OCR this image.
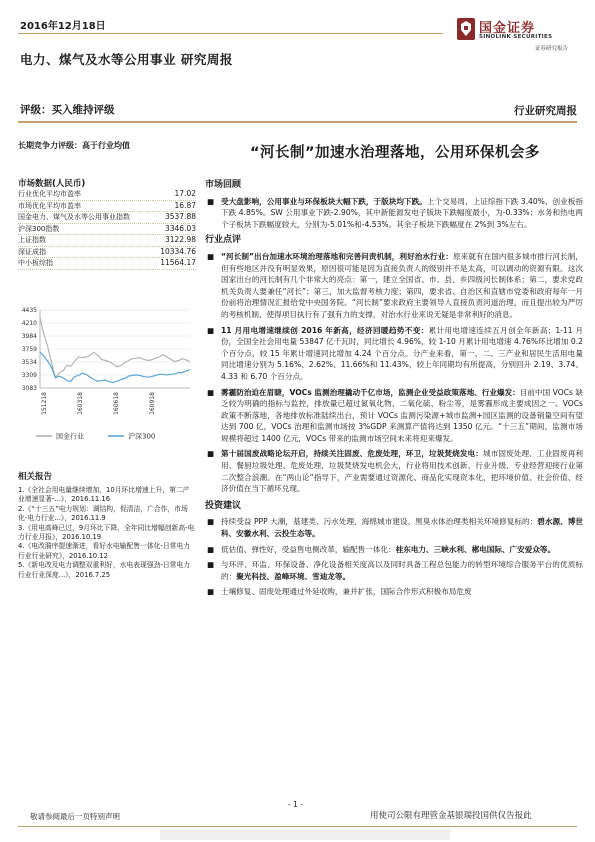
2016年12月18日	国金证券
SINOLINK SECURITIES
证券研究报告
电力、煤气及水等公用事业 研究周报
评级：买入维持评级	行业研究周报
长期竞争力评级：高于行业均值
市场数据(人民币)
行业优化平均市盈率	17.02
市场优化平均市盈率	16.87
国金电力、煤气及水等公用事业指数	3537.88
沪深300指数	3346.03
上证指数	3122.98
深证成指	10334.76
中小板综指	11564.17
4435
4210
3984
3759
3534
3309
3083
151218	160318	160618	160918
国金行业	沪深300
相关报告
1.《全社会用电量继续增加，10月环比增速上升，第二产业增速显著-...》，2016.11.16
2.《“十三五”电力规划：调结构，促清洁，广合作，市场化-电力行业...》，2016.11.9
3.《用电高峰已过，9月环比下降，全年同比增幅创新高-电力行业月报》，2016.10.19
4.《电改漪序提速渐进，看好水电输配售一体化-日常电力行业行业研究》，2016.10.12
5.《新电改及电力调整双重利好，水电表现强劲-日常电力行业行业深度...》，2016.7.25
“河长制”加速水治理落地，公用环保机会多
市场回顾
■ 受大盘影响，公用事业与环保板块大幅下跌，于版块均下跌。上个交易周，上证综指下跌 3.40%、创业板指下跌 4.85%。SW 公用事业下跌-2.90%，其中新能源发电子版块下跌幅度最小，为-0.33%；水务和热电两个子板块下跌幅度较大，分别为-5.01%和-4.53%。其余子板块下跌幅度在 2%到 3%左右。
行业点评
■ “河长制”出台加速水环境治理落地和完善问责机制，利好治水行业：原来就有在国内很多城市推行河长制，但有些地区并没有明显效果，原因很可能是因为直接负责人的级别并不是太高，可以调动的资源有限。这次国家出台的河长制有几个非常大的亮点：第一，建立全国省、市、县、乡四级河长制体系；第二，要求党政机关负责人要兼任“河长”；第三，加大监督考核力度；第四，要求省、自治区和直辖市党委和政府每年一月份前将治理情况汇报给党中央国务院。“河长制”要求政府主要领导人直接负责河道治理，而且提出较为严厉的考核机制，使得项目执行有了强有力的支撑，对治水行业来说无疑是非常利好的消息。
■ 11 月用电增速继续创 2016 年新高，经济回暖趋势不变：累计用电增速连续五月创全年新高；1-11 月份，全国全社会用电量 53847 亿千瓦时，同比增长 4.96%，较 1-10 月累计用电增速 4.76%环比增加 0.2 个百分点，较 15 年累计增速同比增加 4.24 个百分点。分产业来看，第一、二、三产业和居民生活用电量同比增速分别为 5.16%、2.62%、11.66%和 11.43%，较上年同期均有所提高，分别回升 2.19、3.74、4.33 和 6.70 个百分点。
■ 雾霾防治迫在眉睫，VOCs 监测治理撬动千亿市场，监测企业受益政策落地、行业爆发：目前中国 VOCs 缺乏较为明确的指标与监控，排放量已超过氮氧化物、二氧化硫、粉尘等，是雾霾形成主要成因之一。VOCs 政策不断落地，各地排放标准陆续出台，预计 VOCs 监测污染源+城市监测+园区监测的设备销量空间有望达到 700 亿，VOCs 治理和监测市场按 3%GDP 来测算产值将达到 1350 亿元。“十三五”期间，监测市场规模将超过 1400 亿元，VOCs 带来的监测市场空间未来将迎来爆发。
■ 第十届国废战略论坛开启，持续关注固废、危废处理，环卫，垃圾焚烧发电：城市固废处理、工业固废再利用、餐厨垃圾处理、危废处理、垃圾焚烧发电机会大，行业将用技术创新、行业升级、专业经营迎接行业第二次整合浪潮。在“两山论”指导下，产业需要通过资源化、商品化实现资本化，把环境价值、社会价值、经济价值在当下循环兑现。
投资建议
■ 持续受益 PPP 大潮，基建类、污水处理、海绵城市建设、黑臭水体治理类相关环境修复标的：碧水源、博世科、安徽水利、云投生态等。
■ 低估值、弹性好，受益售电侧改革，输配售一体化：桂东电力、三峡水利、郴电国际、广安爱众等。
■ 与环评、环监、环保设备、净化设备相关度高以及同时具备工程总包能力的转型环境综合服务平台的优质标的：聚光科技、盈峰环境、雪迪龙等。
■ 土壤修复、固废处理通过外延收购，兼并扩张，国际合作形式积极布局危废
- 1 -
敬请参阅最后一页特别声明	用使司公限有理管金基银瑞投国供仅告报此
